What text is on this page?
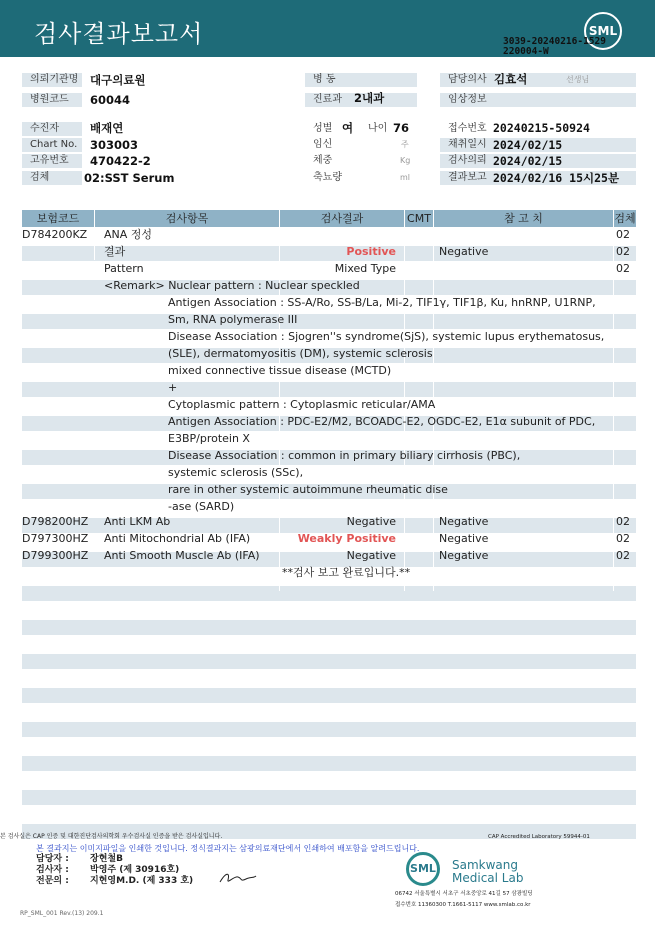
검사결과보고서	SML
3039-20240216-1529
220004-W
의뢰기관명	대구의료원
병원코드	60044
수진자	배재연
Chart No.	303003
고유번호	470422-2
검체	02:SST Serum
병 동
진료과	2내과
성별 여	나이 76
임신	주
체중	Kg
축뇨량	ml
담당의사 김효석	선생님
임상정보
접수번호 20240215-50924
채취일시 2024/02/15
검사의뢰 2024/02/15
결과보고 2024/02/16 15시25분
보험코드	검사항목	검사결과	CMT	참 고 치	검체
D784200KZ ANA 정성	02
결과	Positive	Negative	02
Pattern	Mixed Type	02
<Remark> Nuclear pattern : Nuclear speckled
Antigen Association : SS-A/Ro, SS-B/La, Mi-2, TIF1γ, TIF1β, Ku, hnRNP, U1RNP,
Sm, RNA polymerase III
Disease Association : Sjogren''s syndrome(SjS), systemic lupus erythematosus,
(SLE), dermatomyositis (DM), systemic sclerosis
mixed connective tissue disease (MCTD)
+
Cytoplasmic pattern : Cytoplasmic reticular/AMA
Antigen Association : PDC-E2/M2, BCOADC-E2, OGDC-E2, E1α subunit of PDC,
E3BP/protein X
Disease Association : common in primary biliary cirrhosis (PBC),
systemic sclerosis (SSc),
rare in other systemic autoimmune rheumatic dise
-ase (SARD)
D798200HZ Anti LKM Ab	Negative	Negative	02
D797300HZ Anti Mitochondrial Ab (IFA)	Weakly Positive	Negative	02
D799300HZ Anti Smooth Muscle Ab (IFA)	Negative	Negative	02
**검사 보고 완료입니다.**
본 검사실은 CAP 인증 및 대한진단검사의학회 우수검사실 인증을 받은 검사실입니다.	CAP Accredited Laboratory 59944-01
본 결과지는 이미지파일을 인쇄한 것입니다. 정식결과지는 삼광의료재단에서 인쇄하여 배포함을 알려드립니다.
담당자 : 장현철B
검사자 : 박영주 (제 30916호)
전문의 : 지현영M.D. (제 333 호)
SML Samkwang
Medical Lab
06742 서울특별시 서초구 서초중앙로 41길 57 삼광빌딩
접수번호 11360300 T.1661-5117 www.smlab.co.kr
RP_SML_001 Rev.(13) 209.1
